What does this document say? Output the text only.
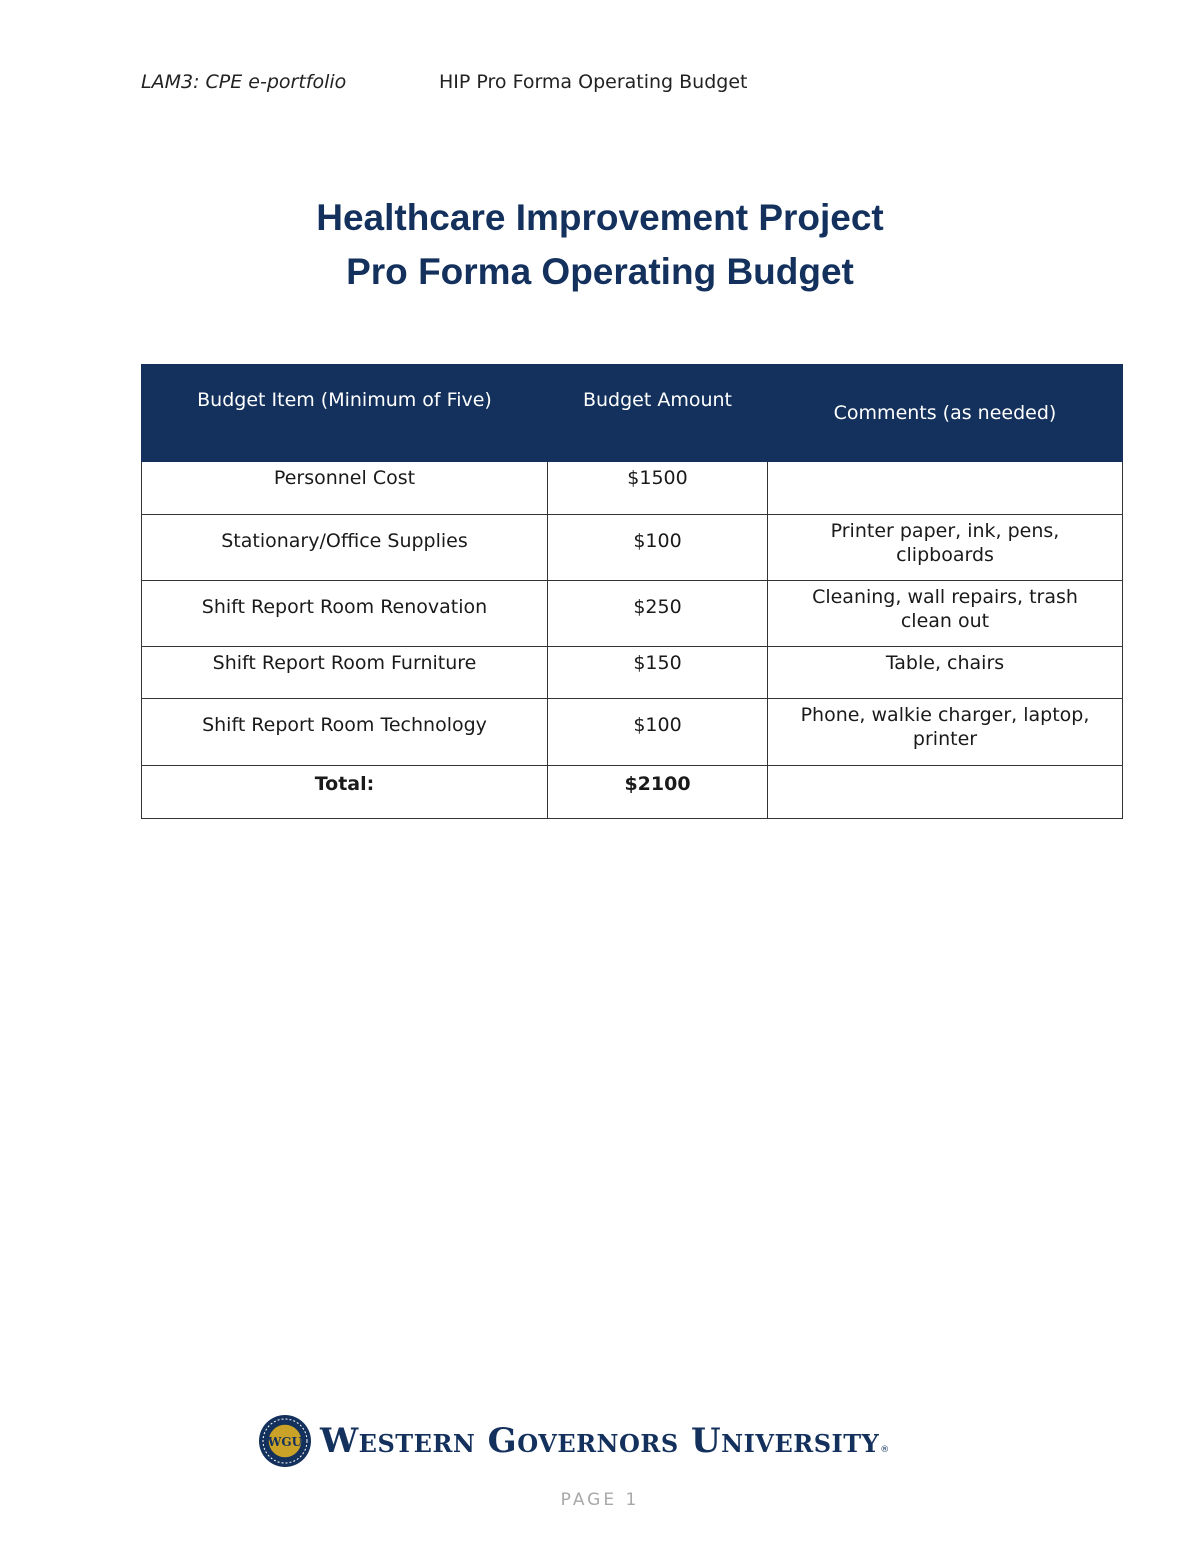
LAM3: CPE e-portfolio	HIP Pro Forma Operating Budget
Healthcare Improvement Project
Pro Forma Operating Budget
Budget Item (Minimum of Five)	Budget Amount	Comments (as needed)
Personnel Cost	$1500	
Stationary/Office Supplies	$100	Printer paper, ink, pens,
clipboards

Shift Report Room Renovation	$250	Cleaning, wall repairs, trash
clean out

Shift Report Room Furniture	$150	Table, chairs

Shift Report Room Technology	$100	Phone, walkie charger, laptop,
printer

Total:	$2100	
WGU Western Governors University ®
PAGE 1
